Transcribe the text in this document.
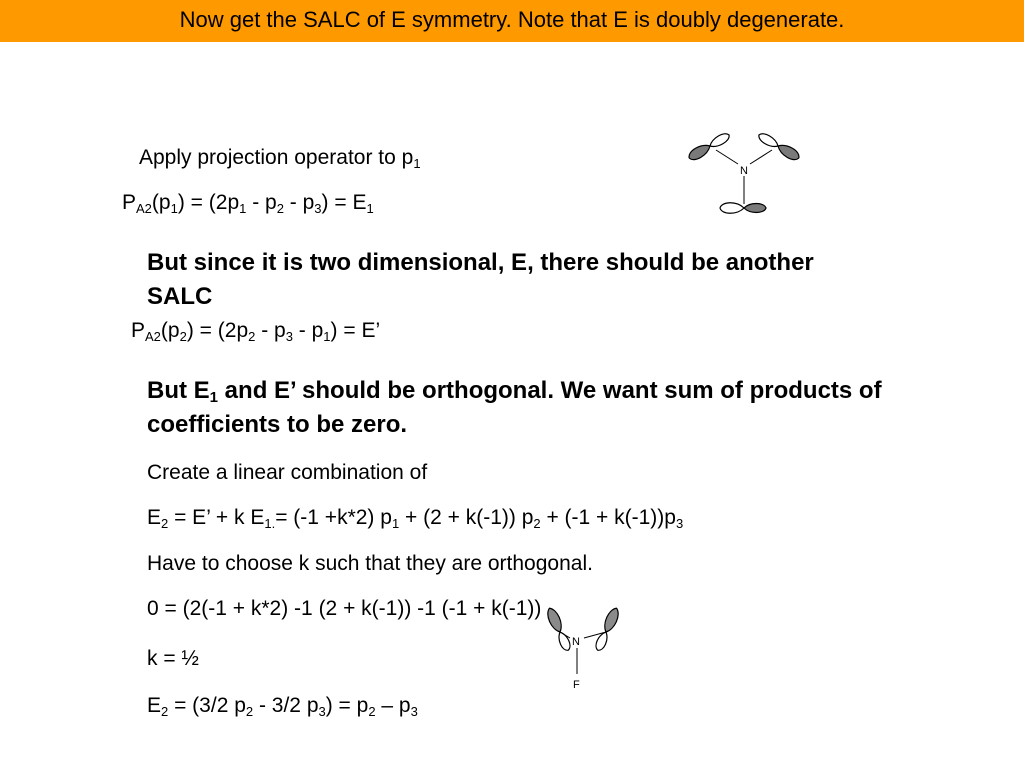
Now get the SALC of E symmetry. Note that E is doubly degenerate.
Apply projection operator to $p_1$
$P_{A2}(p_1) = (2p_1 - p_2 - p_3) = E_1$
But since it is two dimensional, E, there should be another SALC
$P_{A2}(p_2) = (2p_2 - p_3 - p_1) = E$’
But $E_1$ and E’ should be orthogonal. We want sum of products of coefficients to be zero.
Create a linear combination of
$E_2 = E$’ + k $E_{1.}= (-1 +k*2) p_1 + (2 + k(-1)) p_2 + (-1 + k(-1))p_3$
Have to choose k such that they are orthogonal.
0 = (2(-1 + k*2) -1 (2 + k(-1)) -1 (-1 + k(-1))
k = ½
$E_2 = (3/2$ $p_2 - 3/2$ $p_3) = p_2 - p_3$
N
N
F
